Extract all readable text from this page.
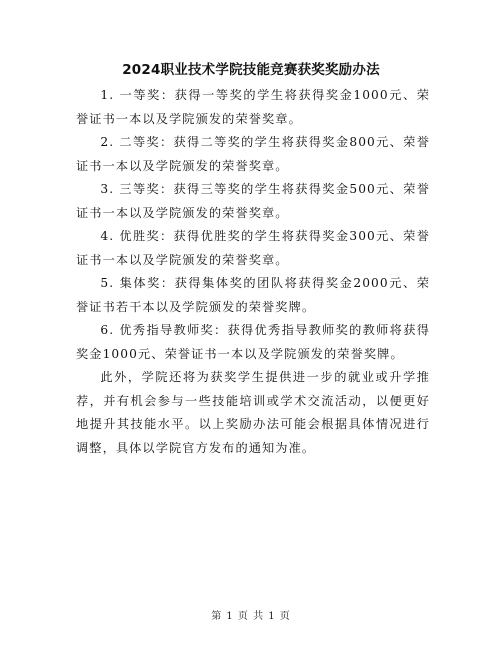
2024职业技术学院技能竞赛获奖奖励办法

1. 一等奖：获得一等奖的学生将获得奖金1000元、荣誉证书一本以及学院颁发的荣誉奖章。

2. 二等奖：获得二等奖的学生将获得奖金800元、荣誉证书一本以及学院颁发的荣誉奖章。

3. 三等奖：获得三等奖的学生将获得奖金500元、荣誉证书一本以及学院颁发的荣誉奖章。

4. 优胜奖：获得优胜奖的学生将获得奖金300元、荣誉证书一本以及学院颁发的荣誉奖章。

5. 集体奖：获得集体奖的团队将获得奖金2000元、荣誉证书若干本以及学院颁发的荣誉奖牌。

6. 优秀指导教师奖：获得优秀指导教师奖的教师将获得奖金1000元、荣誉证书一本以及学院颁发的荣誉奖牌。

此外，学院还将为获奖学生提供进一步的就业或升学推荐，并有机会参与一些技能培训或学术交流活动，以便更好地提升其技能水平。以上奖励办法可能会根据具体情况进行调整，具体以学院官方发布的通知为准。

第 1 页 共 1 页
